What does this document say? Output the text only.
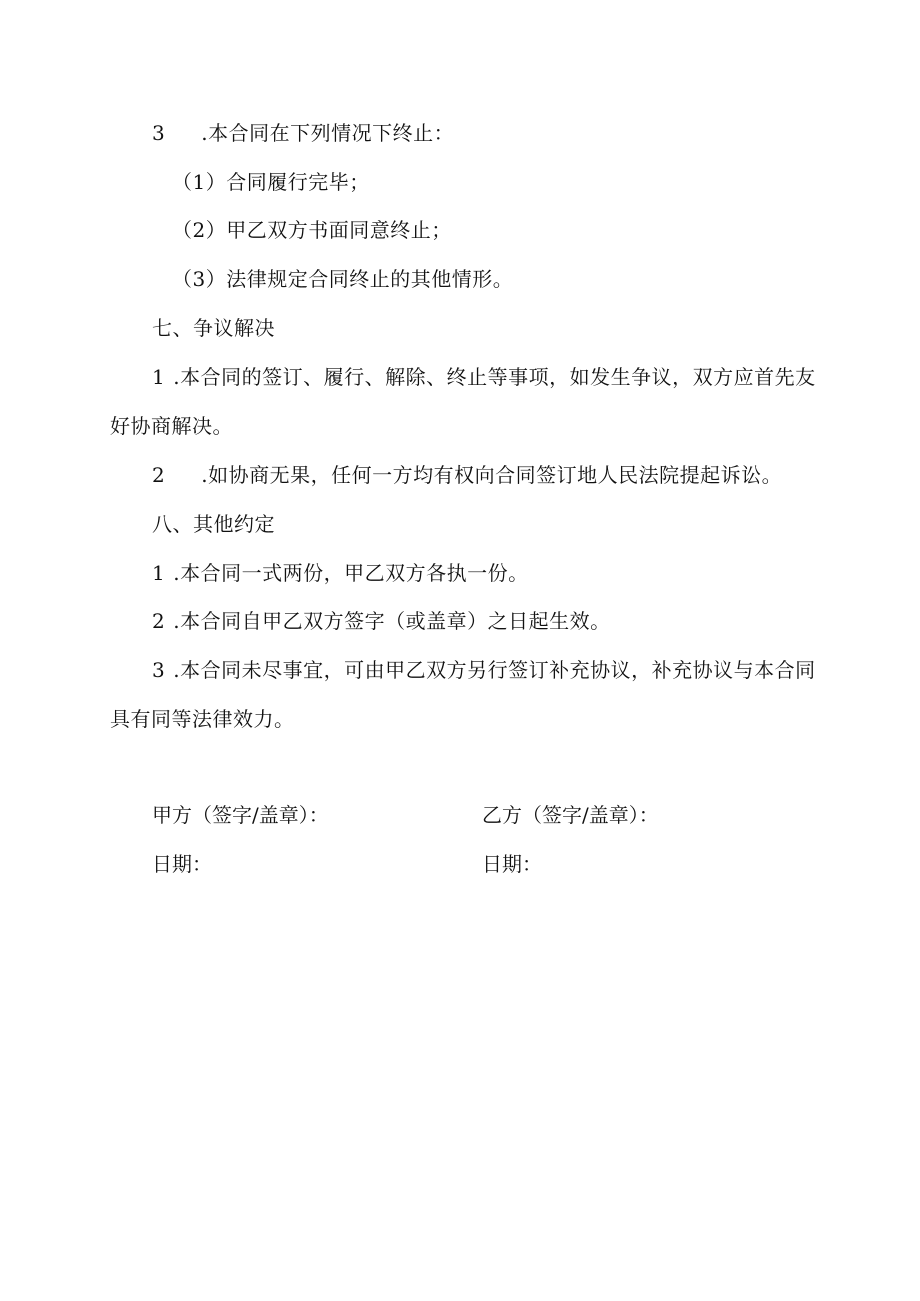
3 .本合同在下列情况下终止：
（1）合同履行完毕；
（2）甲乙双方书面同意终止；
（3）法律规定合同终止的其他情形。
七、争议解决
1 .本合同的签订、履行、解除、终止等事项，如发生争议，双方应首先友
好协商解决。
2 .如协商无果，任何一方均有权向合同签订地人民法院提起诉讼。
八、其他约定
1 .本合同一式两份，甲乙双方各执一份。
2 .本合同自甲乙双方签字（或盖章）之日起生效。
3 .本合同未尽事宜，可由甲乙双方另行签订补充协议，补充协议与本合同
具有同等法律效力。
甲方（签字/盖章）：	乙方（签字/盖章）：
日期：	日期：
